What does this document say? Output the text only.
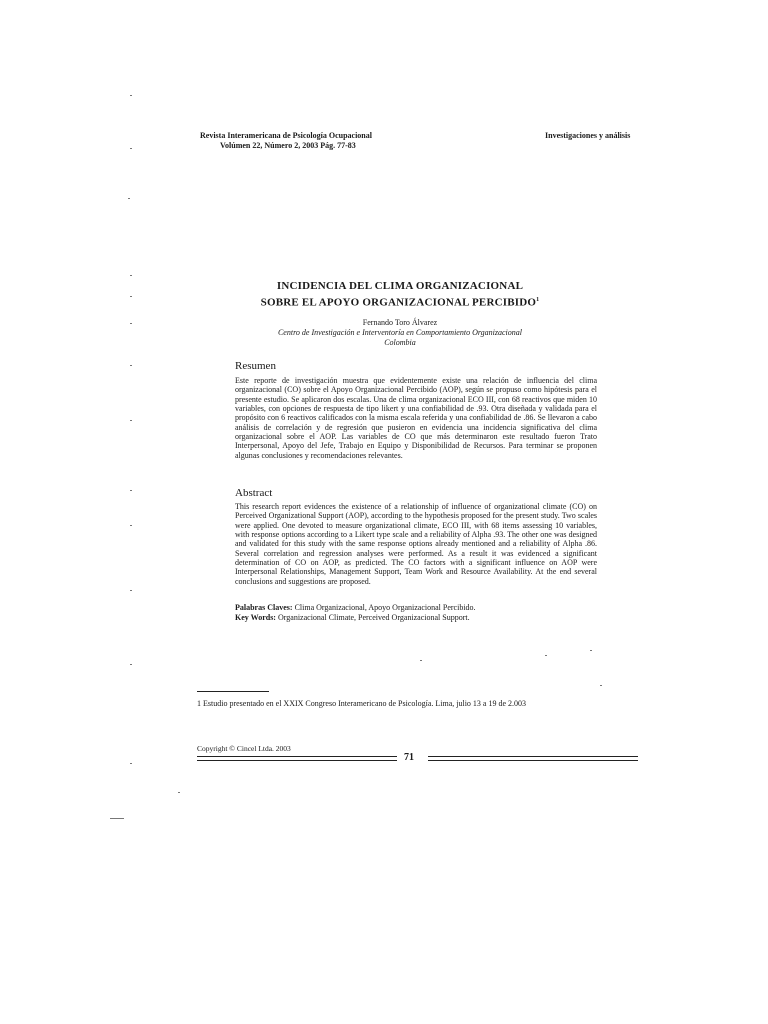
Revista Interamericana de Psicología Ocupacional
Volúmen 22, Número 2, 2003 Pág. 77-83
Investigaciones y análisis
INCIDENCIA DEL CLIMA ORGANIZACIONAL
SOBRE EL APOYO ORGANIZACIONAL PERCIBIDO$^1$
Fernando Toro Álvarez
Centro de Investigación e Interventoría en Comportamiento Organizacional
Colombia
Resumen
Este reporte de investigación muestra que evidentemente existe una relación de influencia del clima organizacional (CO) sobre el Apoyo Organizacional Percibido (AOP), según se propuso como hipótesis para el presente estudio. Se aplicaron dos escalas. Una de clima organizacional ECO III, con 68 reactivos que miden 10 variables, con opciones de respuesta de tipo likert y una confiabilidad de .93. Otra diseñada y validada para el propósito con 6 reactivos calificados con la misma escala referida y una confiabilidad de .86. Se llevaron a cabo análisis de correlación y de regresión que pusieron en evidencia una incidencia significativa del clima organizacional sobre el AOP. Las variables de CO que más determinaron este resultado fueron Trato Interpersonal, Apoyo del Jefe, Trabajo en Equipo y Disponibilidad de Recursos. Para terminar se proponen algunas conclusiones y recomendaciones relevantes.
Abstract
This research report evidences the existence of a relationship of influence of organizational climate (CO) on Perceived Organizational Support (AOP), according to the hypothesis proposed for the present study. Two scales were applied. One devoted to measure organizational climate, ECO III, with 68 items assessing 10 variables, with response options according to a Likert type scale and a reliability of Alpha .93. The other one was designed and validated for this study with the same response options already mentioned and a reliability of Alpha .86. Several correlation and regression analyses were performed. As a result it was evidenced a significant determination of CO on AOP, as predicted. The CO factors with a significant influence on AOP were Interpersonal Relationships, Management Support, Team Work and Resource Availability. At the end several conclusions and suggestions are proposed.
Palabras Claves: Clima Organizacional, Apoyo Organizacional Percibido.
Key Words: Organizacional Climate, Perceived Organizacional Support.
1 Estudio presentado en el XXIX Congreso Interamericano de Psicología. Lima, julio 13 a 19 de 2.003
Copyright © Cincel Ltda. 2003
71
